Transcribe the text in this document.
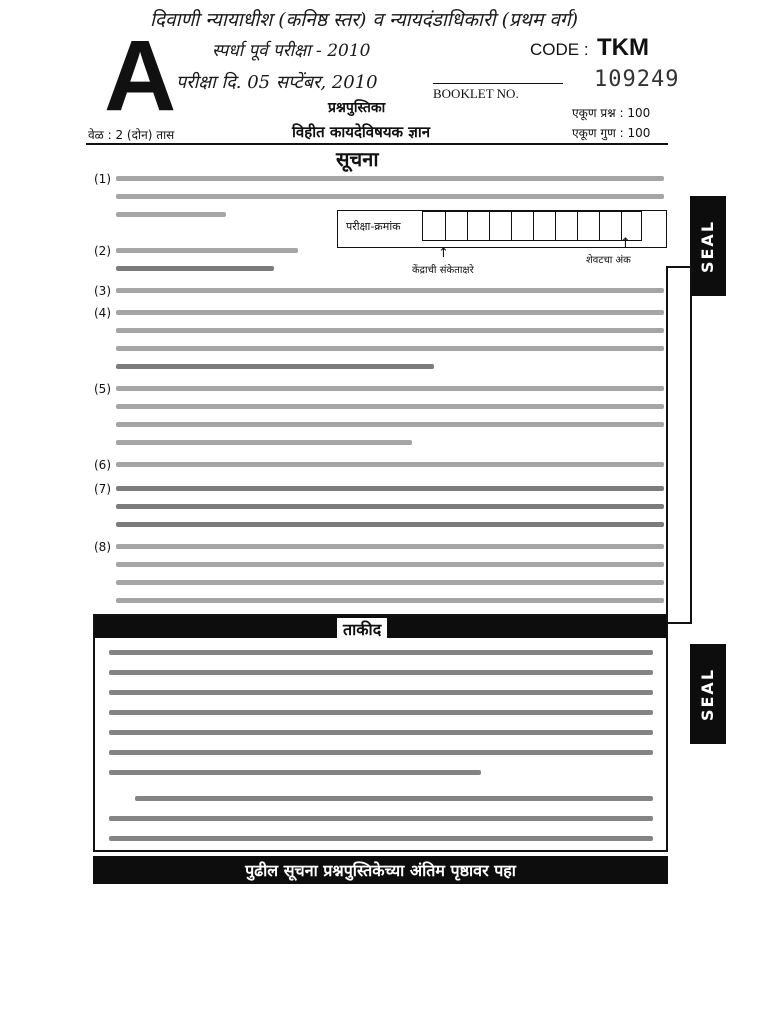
दिवाणी न्यायाधीश (कनिष्ठ स्तर) व न्यायदंडाधिकारी (प्रथम वर्ग)
स्पर्धा पूर्व परीक्षा - 2010
परीक्षा दि. 05 सप्टेंबर, 2010
A	CODE : TKM
109249
BOOKLET NO.
प्रश्नपुस्तिका	एकूण प्रश्न : 100
एकूण गुण : 100
वेळ : 2 (दोन) तास	विहीत कायदेविषयक ज्ञान
सूचना
(1)
परीक्षा-क्रमांक
↑
↑
केंद्राची संकेताक्षरे
शेवटचा अंक
(2)
(3)
(4)
(5)
(6)
(7)
(8)
ताकीद
पुढील सूचना प्रश्नपुस्तिकेच्या अंतिम पृष्ठावर पहा
SEAL
SEAL
